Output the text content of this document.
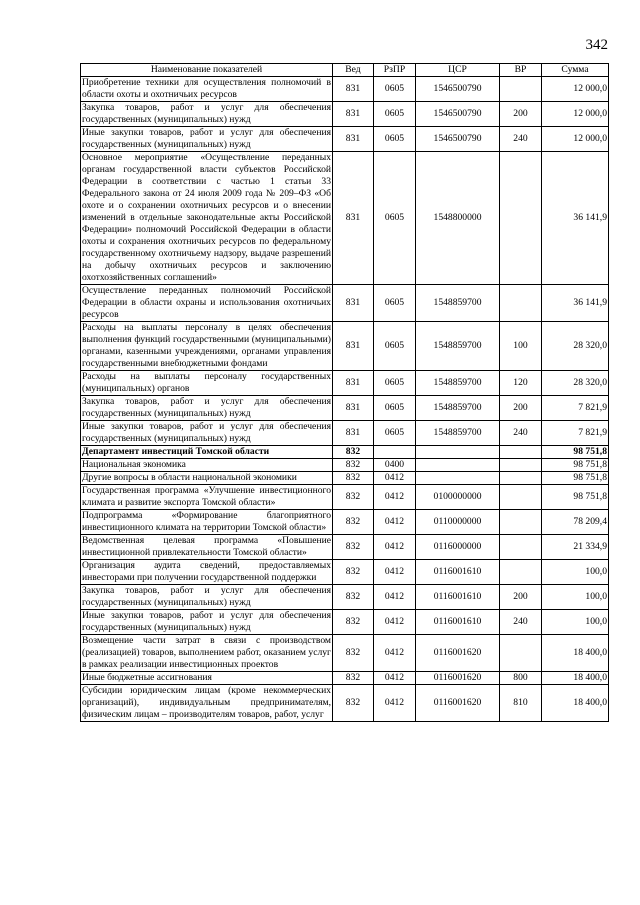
342
Наименование показателей	Вед	РзПР	ЦСР	ВР	Сумма
Приобретение техники для осуществления полномочий в области охоты и охотничьих ресурсов	831	0605	1546500790		12 000,0
Закупка товаров, работ и услуг для обеспечения государственных (муниципальных) нужд	831	0605	1546500790	200	12 000,0
Иные закупки товаров, работ и услуг для обеспечения государственных (муниципальных) нужд	831	0605	1546500790	240	12 000,0
Основное мероприятие «Осуществление переданных органам государственной власти субъектов Российской Федерации в соответствии с частью 1 статьи 33 Федерального закона от 24 июля 2009 года № 209–ФЗ «Об охоте и о сохранении охотничьих ресурсов и о внесении изменений в отдельные законодательные акты Российской Федерации» полномочий Российской Федерации в области охоты и сохранения охотничьих ресурсов по федеральному государственному охотничьему надзору, выдаче разрешений на добычу охотничьих ресурсов и заключению охотхозяйственных соглашений»	831	0605	1548800000		36 141,9
Осуществление переданных полномочий Российской Федерации в области охраны и использования охотничьих ресурсов	831	0605	1548859700		36 141,9
Расходы на выплаты персоналу в целях обеспечения выполнения функций государственными (муниципальными) органами, казенными учреждениями, органами управления государственными внебюджетными фондами	831	0605	1548859700	100	28 320,0
Расходы на выплаты персоналу государственных (муниципальных) органов	831	0605	1548859700	120	28 320,0
Закупка товаров, работ и услуг для обеспечения государственных (муниципальных) нужд	831	0605	1548859700	200	7 821,9
Иные закупки товаров, работ и услуг для обеспечения государственных (муниципальных) нужд	831	0605	1548859700	240	7 821,9
Департамент инвестиций Томской области	832				98 751,8
Национальная экономика	832	0400			98 751,8
Другие вопросы в области национальной экономики	832	0412			98 751,8
Государственная программа «Улучшение инвестиционного климата и развитие экспорта Томской области»	832	0412	0100000000		98 751,8
Подпрограмма «Формирование благоприятного инвестиционного климата на территории Томской области»	832	0412	0110000000		78 209,4
Ведомственная целевая программа «Повышение инвестиционной привлекательности Томской области»	832	0412	0116000000		21 334,9
Организация аудита сведений, предоставляемых инвесторами при получении государственной поддержки	832	0412	0116001610		100,0
Закупка товаров, работ и услуг для обеспечения государственных (муниципальных) нужд	832	0412	0116001610	200	100,0
Иные закупки товаров, работ и услуг для обеспечения государственных (муниципальных) нужд	832	0412	0116001610	240	100,0
Возмещение части затрат в связи с производством (реализацией) товаров, выполнением работ, оказанием услуг в рамках реализации инвестиционных проектов	832	0412	0116001620		18 400,0
Иные бюджетные ассигнования	832	0412	0116001620	800	18 400,0
Субсидии юридическим лицам (кроме некоммерческих организаций), индивидуальным предпринимателям, физическим лицам – производителям товаров, работ, услуг	832	0412	0116001620	810	18 400,0
